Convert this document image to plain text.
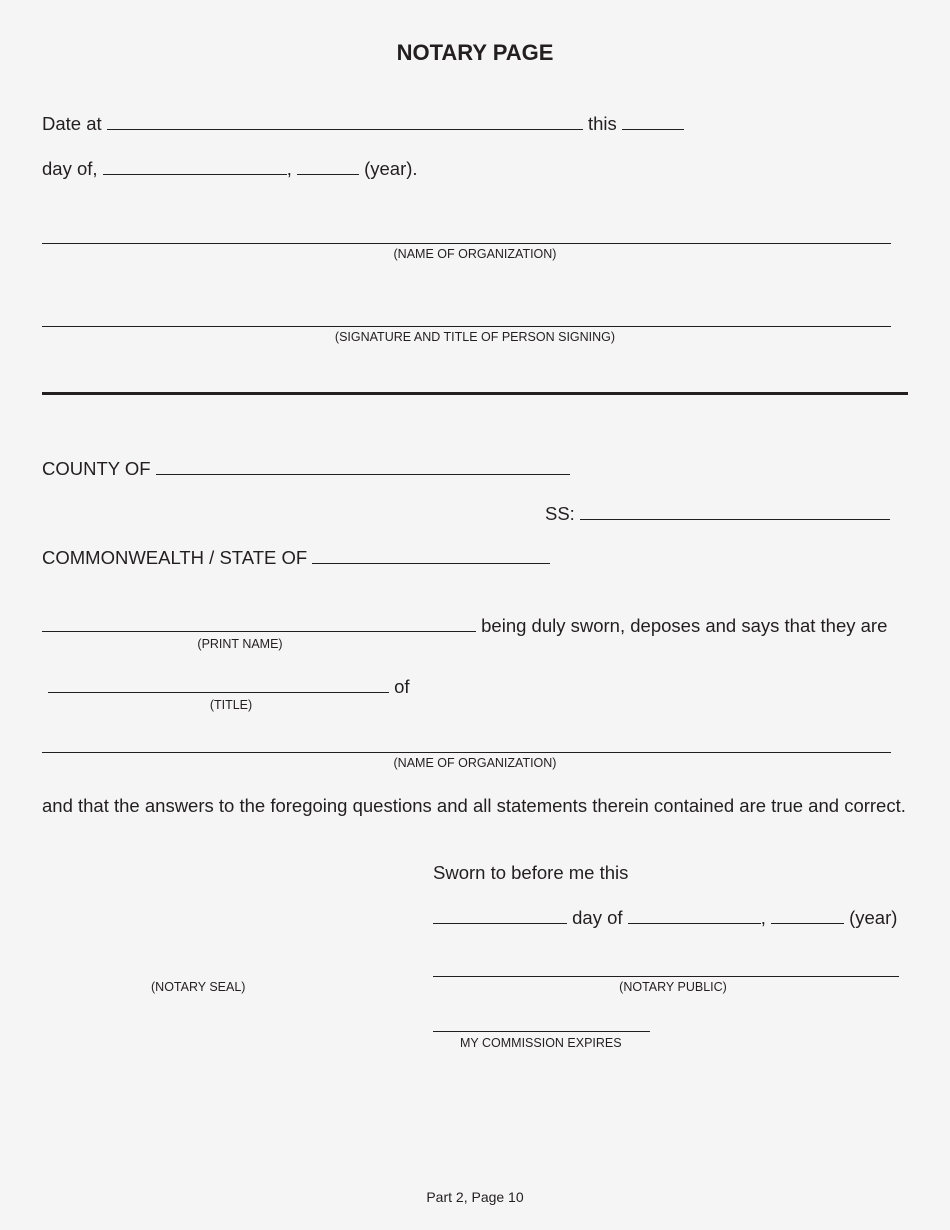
NOTARY PAGE
Date at	this
day of,	,	(year).
(NAME OF ORGANIZATION)
(SIGNATURE AND TITLE OF PERSON SIGNING)
COUNTY OF
SS:
COMMONWEALTH / STATE OF
being duly sworn, deposes and says that they are
(PRINT NAME)
of
(TITLE)
(NAME OF ORGANIZATION)
and that the answers to the foregoing questions and all statements therein contained are true and correct.
Sworn to before me this
day of	,	(year)
(NOTARY PUBLIC)
(NOTARY SEAL)
MY COMMISSION EXPIRES
Part 2, Page 10
